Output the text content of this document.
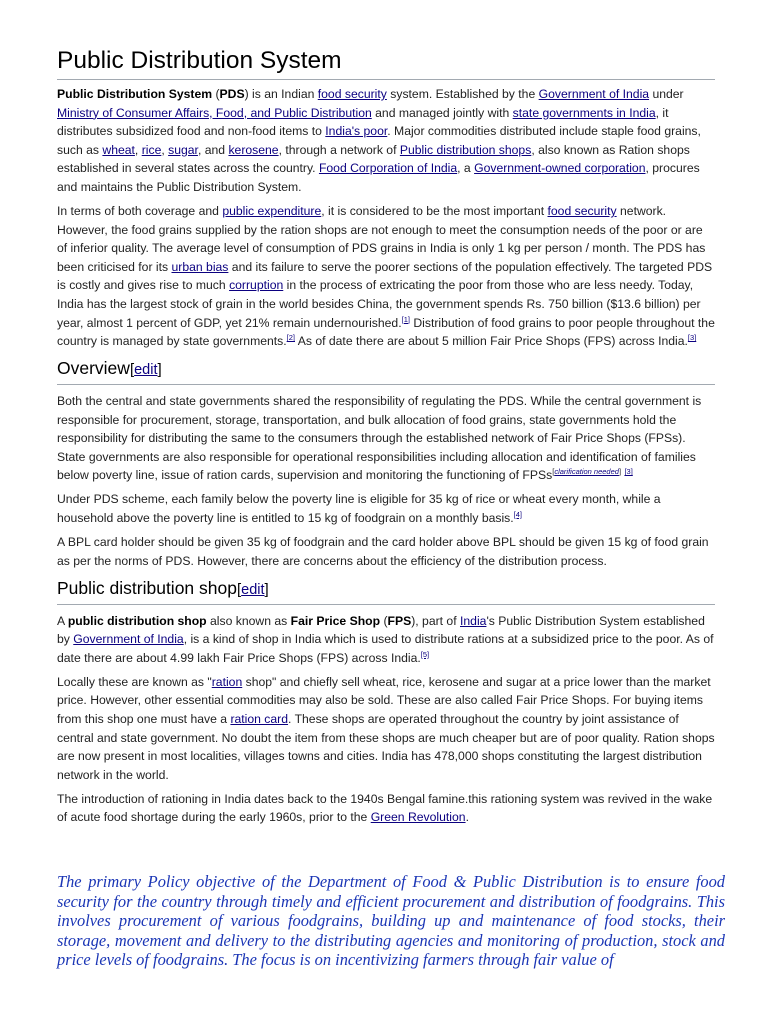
Public Distribution System

Public Distribution System (PDS) is an Indian food security system. Established by the Government of India under Ministry of Consumer Affairs, Food, and Public Distribution and managed jointly with state governments in India, it distributes subsidized food and non-food items to India's poor. Major commodities distributed include staple food grains, such as wheat, rice, sugar, and kerosene, through a network of Public distribution shops, also known as Ration shops established in several states across the country. Food Corporation of India, a Government-owned corporation, procures and maintains the Public Distribution System.

In terms of both coverage and public expenditure, it is considered to be the most important food security network. However, the food grains supplied by the ration shops are not enough to meet the consumption needs of the poor or are of inferior quality. The average level of consumption of PDS grains in India is only 1 kg per person / month. The PDS has been criticised for its urban bias and its failure to serve the poorer sections of the population effectively. The targeted PDS is costly and gives rise to much corruption in the process of extricating the poor from those who are less needy. Today, India has the largest stock of grain in the world besides China, the government spends Rs. 750 billion ($13.6 billion) per year, almost 1 percent of GDP, yet 21% remain undernourished.[1] Distribution of food grains to poor people throughout the country is managed by state governments.[2] As of date there are about 5 million Fair Price Shops (FPS) across India.[3]

Overview[edit]

Both the central and state governments shared the responsibility of regulating the PDS. While the central government is responsible for procurement, storage, transportation, and bulk allocation of food grains, state governments hold the responsibility for distributing the same to the consumers through the established network of Fair Price Shops (FPSs). State governments are also responsible for operational responsibilities including allocation and identification of families below poverty line, issue of ration cards, supervision and monitoring the functioning of FPSs[clarification needed] [3]

Under PDS scheme, each family below the poverty line is eligible for 35 kg of rice or wheat every month, while a household above the poverty line is entitled to 15 kg of foodgrain on a monthly basis.[4]

A BPL card holder should be given 35 kg of foodgrain and the card holder above BPL should be given 15 kg of food grain as per the norms of PDS. However, there are concerns about the efficiency of the distribution process.

Public distribution shop[edit]

A public distribution shop also known as Fair Price Shop (FPS), part of India's Public Distribution System established by Government of India, is a kind of shop in India which is used to distribute rations at a subsidized price to the poor. As of date there are about 4.99 lakh Fair Price Shops (FPS) across India.[5]

Locally these are known as "ration shop" and chiefly sell wheat, rice, kerosene and sugar at a price lower than the market price. However, other essential commodities may also be sold. These are also called Fair Price Shops. For buying items from this shop one must have a ration card. These shops are operated throughout the country by joint assistance of central and state government. No doubt the item from these shops are much cheaper but are of poor quality. Ration shops are now present in most localities, villages towns and cities. India has 478,000 shops constituting the largest distribution network in the world.

The introduction of rationing in India dates back to the 1940s Bengal famine.this rationing system was revived in the wake of acute food shortage during the early 1960s, prior to the Green Revolution.

The primary Policy objective of the Department of Food & Public Distribution is to ensure food security for the country through timely and efficient procurement and distribution of foodgrains. This involves procurement of various foodgrains, building up and maintenance of food stocks, their storage, movement and delivery to the distributing agencies and monitoring of production, stock and price levels of foodgrains. The focus is on incentivizing farmers through fair value of
